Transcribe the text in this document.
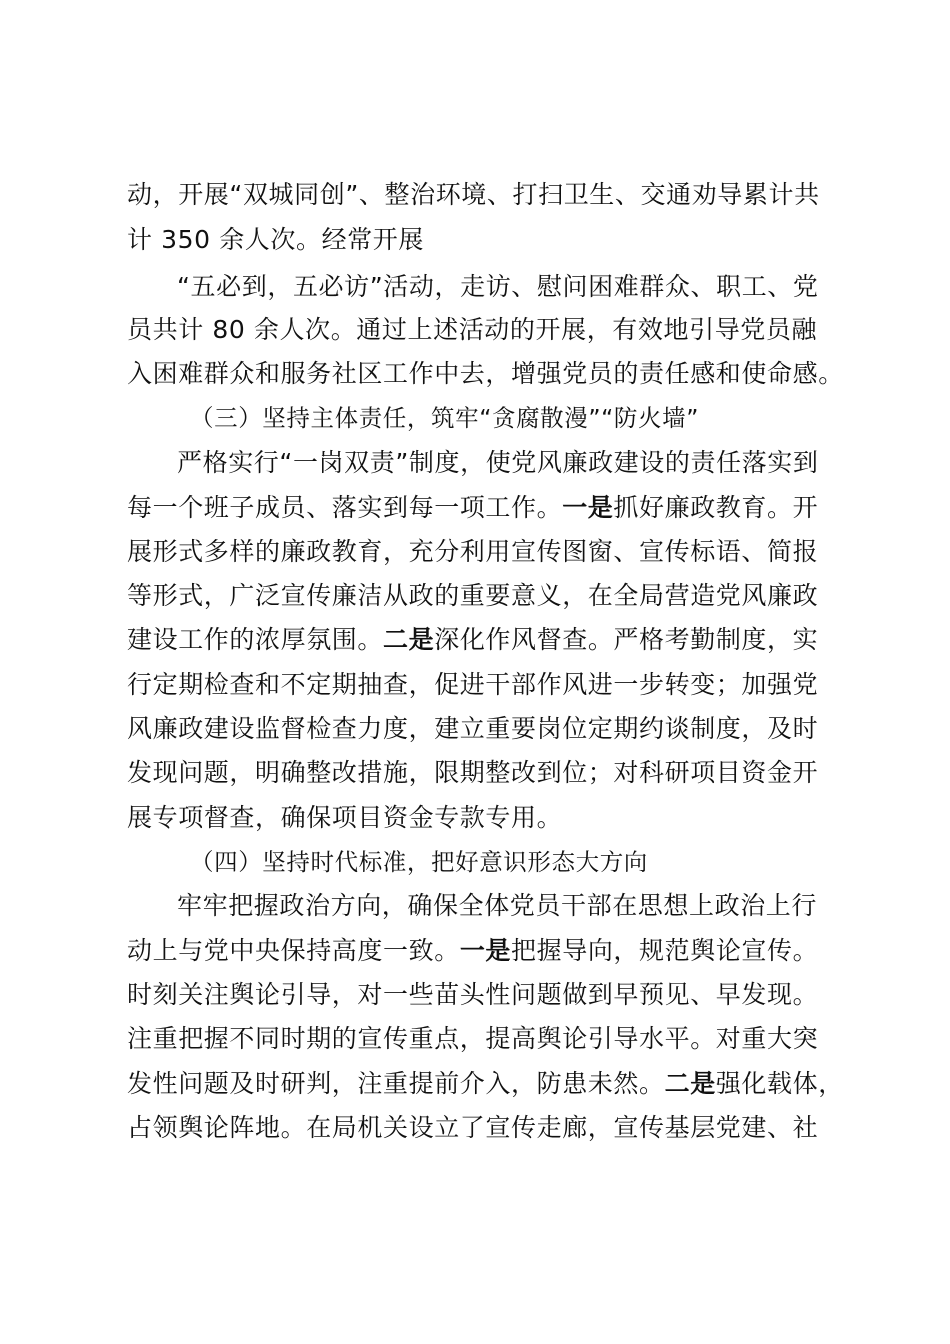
动，开展“双城同创”、整治环境、打扫卫生、交通劝导累计共
计 350 余人次。经常开展
“五必到，五必访”活动，走访、慰问困难群众、职工、党
员共计 80 余人次。通过上述活动的开展，有效地引导党员融
入困难群众和服务社区工作中去，增强党员的责任感和使命感。
（三）坚持主体责任，筑牢“贪腐散漫”“防火墙”
严格实行“一岗双责”制度，使党风廉政建设的责任落实到
每一个班子成员、落实到每一项工作。一是抓好廉政教育。开
展形式多样的廉政教育，充分利用宣传图窗、宣传标语、简报
等形式，广泛宣传廉洁从政的重要意义，在全局营造党风廉政
建设工作的浓厚氛围。二是深化作风督查。严格考勤制度，实
行定期检查和不定期抽查，促进干部作风进一步转变；加强党
风廉政建设监督检查力度，建立重要岗位定期约谈制度，及时
发现问题，明确整改措施，限期整改到位；对科研项目资金开
展专项督查，确保项目资金专款专用。
（四）坚持时代标准，把好意识形态大方向
牢牢把握政治方向，确保全体党员干部在思想上政治上行
动上与党中央保持高度一致。一是把握导向，规范舆论宣传。
时刻关注舆论引导，对一些苗头性问题做到早预见、早发现。
注重把握不同时期的宣传重点，提高舆论引导水平。对重大突
发性问题及时研判，注重提前介入，防患未然。二是强化载体，
占领舆论阵地。在局机关设立了宣传走廊，宣传基层党建、社
